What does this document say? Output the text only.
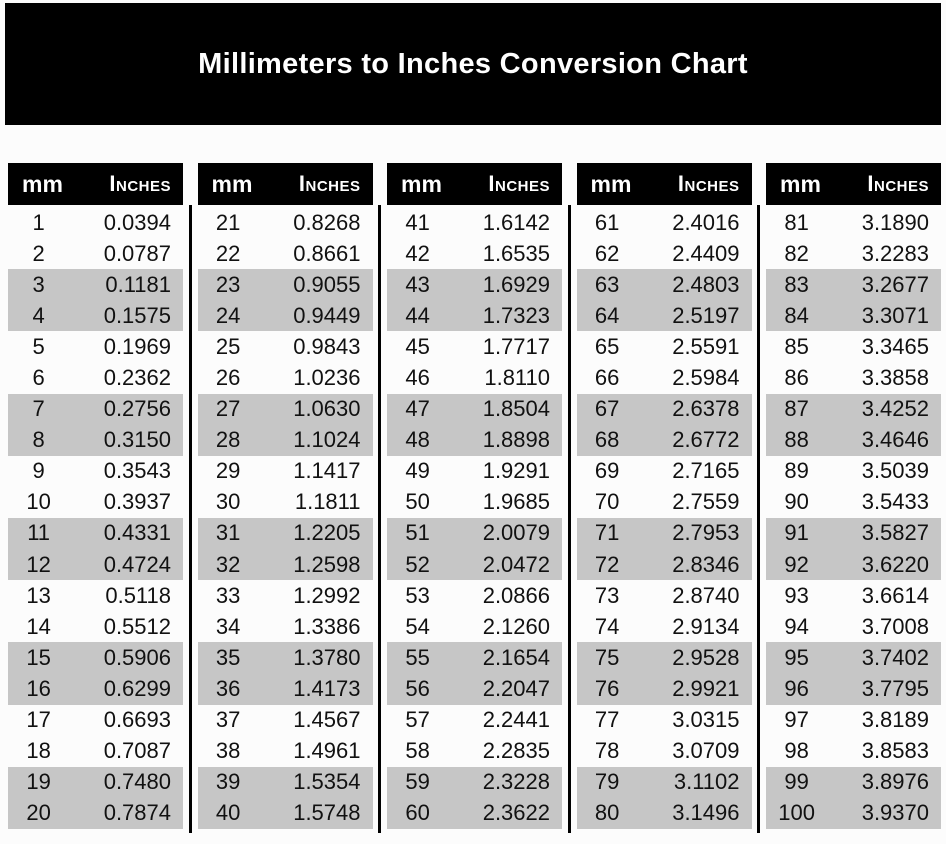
Millimeters to Inches Conversion Chart
mm	Inches
1	0.0394
2	0.0787
3	0.1181
4	0.1575
5	0.1969
6	0.2362
7	0.2756
8	0.3150
9	0.3543
10	0.3937
11	0.4331
12	0.4724
13	0.5118
14	0.5512
15	0.5906
16	0.6299
17	0.6693
18	0.7087
19	0.7480
20	0.7874
mm	Inches
21	0.8268
22	0.8661
23	0.9055
24	0.9449
25	0.9843
26	1.0236
27	1.0630
28	1.1024
29	1.1417
30	1.1811
31	1.2205
32	1.2598
33	1.2992
34	1.3386
35	1.3780
36	1.4173
37	1.4567
38	1.4961
39	1.5354
40	1.5748
mm	Inches
41	1.6142
42	1.6535
43	1.6929
44	1.7323
45	1.7717
46	1.8110
47	1.8504
48	1.8898
49	1.9291
50	1.9685
51	2.0079
52	2.0472
53	2.0866
54	2.1260
55	2.1654
56	2.2047
57	2.2441
58	2.2835
59	2.3228
60	2.3622
mm	Inches
61	2.4016
62	2.4409
63	2.4803
64	2.5197
65	2.5591
66	2.5984
67	2.6378
68	2.6772
69	2.7165
70	2.7559
71	2.7953
72	2.8346
73	2.8740
74	2.9134
75	2.9528
76	2.9921
77	3.0315
78	3.0709
79	3.1102
80	3.1496
mm	Inches
81	3.1890
82	3.2283
83	3.2677
84	3.3071
85	3.3465
86	3.3858
87	3.4252
88	3.4646
89	3.5039
90	3.5433
91	3.5827
92	3.6220
93	3.6614
94	3.7008
95	3.7402
96	3.7795
97	3.8189
98	3.8583
99	3.8976
100	3.9370
